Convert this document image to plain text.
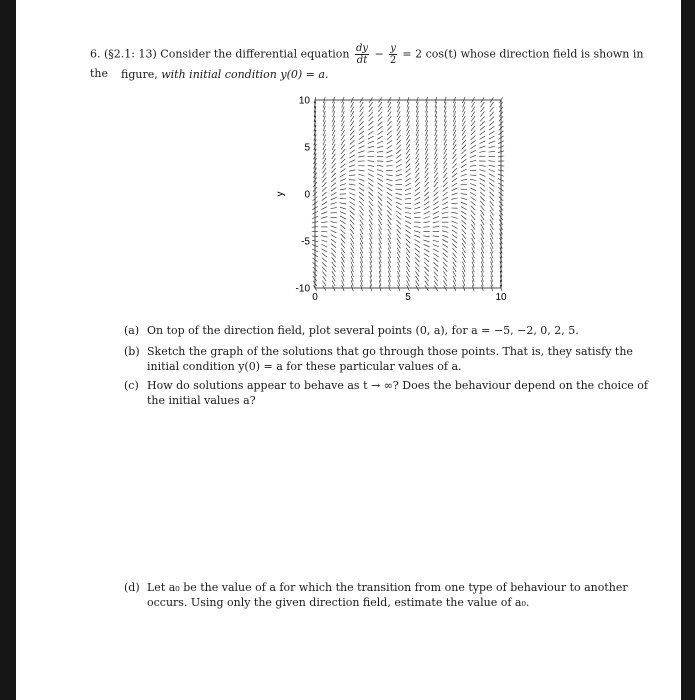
6. (§2.1: 13) Consider the differential equation $\frac{dy}{dt} - \frac{y}{2} = 2$ cos(t) whose direction field is shown in the	figure, with initial condition y(0) = a.
10
5
0
-5
-10
0	5	10
y

(a) On top of the direction field, plot several points (0, a), for a = −5, −2, 0, 2, 5.

(b) Sketch the graph of the solutions that go through those points. That is, they satisfy the initial condition y(0) = a for these particular values of a.

(c) How do solutions appear to behave as t → ∞? Does the behaviour depend on the choice of the initial values a?

(d) Let a₀ be the value of a for which the transition from one type of behaviour to another occurs. Using only the given direction field, estimate the value of a₀.
